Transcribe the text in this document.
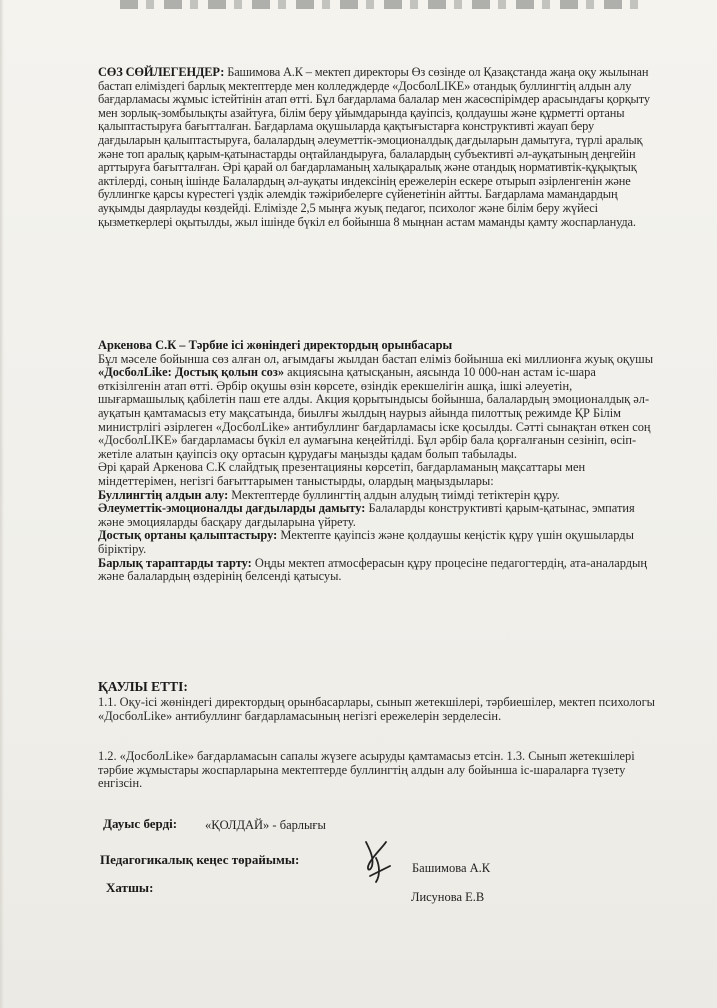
СӨЗ СӨЙЛЕГЕНДЕР: Башимова А.К – мектеп директоры Өз сөзінде ол Қазақстанда жаңа оқу жылынан бастап еліміздегі барлық мектептерде мен колледждерде «ДосболLIKE» отандық буллингтің алдын алу бағдарламасы жұмыс істейтінін атап өтті. Бұл бағдарлама балалар мен жасөспірімдер арасындағы қорқыту мен зорлық-зомбылықты азайтуға, білім беру ұйымдарында қауіпсіз, қолдаушы және құрметті ортаны қалыптастыруға бағытталған. Бағдарлама оқушыларда қақтығыстарға конструктивті жауап беру дағдыларын қалыптастыруға, балалардың әлеуметтік-эмоционалдық дағдыларын дамытуға, түрлі аралық және топ аралық қарым-қатынастарды оңтайландыруға, балалардың субъективті әл-ауқатының деңгейін арттыруға бағытталған. Әрі қарай ол бағдарламаның халықаралық және отандық нормативтік-құқықтық актілерді, соның ішінде Балалардың әл-ауқаты индексінің ережелерін ескере отырып әзірленгенін және буллингке қарсы күрестегі үздік әлемдік тәжірибелерге сүйенетінін айтты. Бағдарлама мамандардың ауқымды даярлауды көздейді. Елімізде 2,5 мыңға жуық педагог, психолог және білім беру жүйесі қызметкерлері оқытылды, жыл ішінде бүкіл ел бойынша 8 мыңнан астам маманды қамту жоспарлануда.
Аркенова С.К – Тәрбие ісі жөніндегі директордың орынбасары
Бұл мәселе бойынша сөз алған ол, ағымдағы жылдан бастап еліміз бойынша екі миллионға жуық оқушы «ДосболLike: Достық қолын соз» акциясына қатысқанын, аясында 10 000-нан астам іс-шара өткізілгенін атап өтті. Әрбір оқушы өзін көрсете, өзіндік ерекшелігін ашқа, ішкі әлеуетін, шығармашылық қабілетін паш ете алды. Акция қорытындысы бойынша, балалардың эмоционалдық әл-ауқатын қамтамасыз ету мақсатында, биылғы жылдың наурыз айында пилоттық режимде ҚР Білім министрлігі әзірлеген «ДосболLike» антибуллинг бағдарламасы іске қосылды. Сәтті сынақтан өткен соң «ДосболLIKE» бағдарламасы бүкіл ел аумағына кеңейтілді. Бұл әрбір бала қорғалғанын сезініп, өсіп-жетіле алатын қауіпсіз оқу ортасын құрудағы маңызды қадам болып табылады.
Әрі қарай Аркенова С.К слайдтық презентацияны көрсетіп, бағдарламаның мақсаттары мен міндеттерімен, негізгі бағыттарымен таныстырды, олардың маңыздылары:
Буллингтің алдын алу: Мектептерде буллингтің алдын алудың тиімді тетіктерін құру.
Әлеуметтік-эмоционалды дағдыларды дамыту: Балаларды конструктивті қарым-қатынас, эмпатия және эмоцияларды басқару дағдыларына үйрету.
Достық ортаны қалыптастыру: Мектепте қауіпсіз және қолдаушы кеңістік құру үшін оқушыларды біріктіру.
Барлық тараптарды тарту: Оңды мектеп атмосферасын құру процесіне педагогтердің, ата-аналардың және балалардың өздерінің белсенді қатысуы.
ҚАУЛЫ ЕТТІ:
1.1. Оқу-ісі жөніндегі директордың орынбасарлары, сынып жетекшілері, тәрбиешілер, мектеп психологы «ДосболLike» антибуллинг бағдарламасының негізгі ережелерін зерделесін.
1.2. «ДосболLike» бағдарламасын сапалы жүзеге асыруды қамтамасыз етсін. 1.3. Сынып жетекшілері тәрбие жұмыстары жоспарларына мектептерде буллингтің алдын алу бойынша іс-шараларға түзету енгізсін.
Дауыс берді: «ҚОЛДАЙ» - барлығы
Педагогикалық кеңес төрайымы:
Башимова А.К
Хатшы:
Лисунова Е.В
